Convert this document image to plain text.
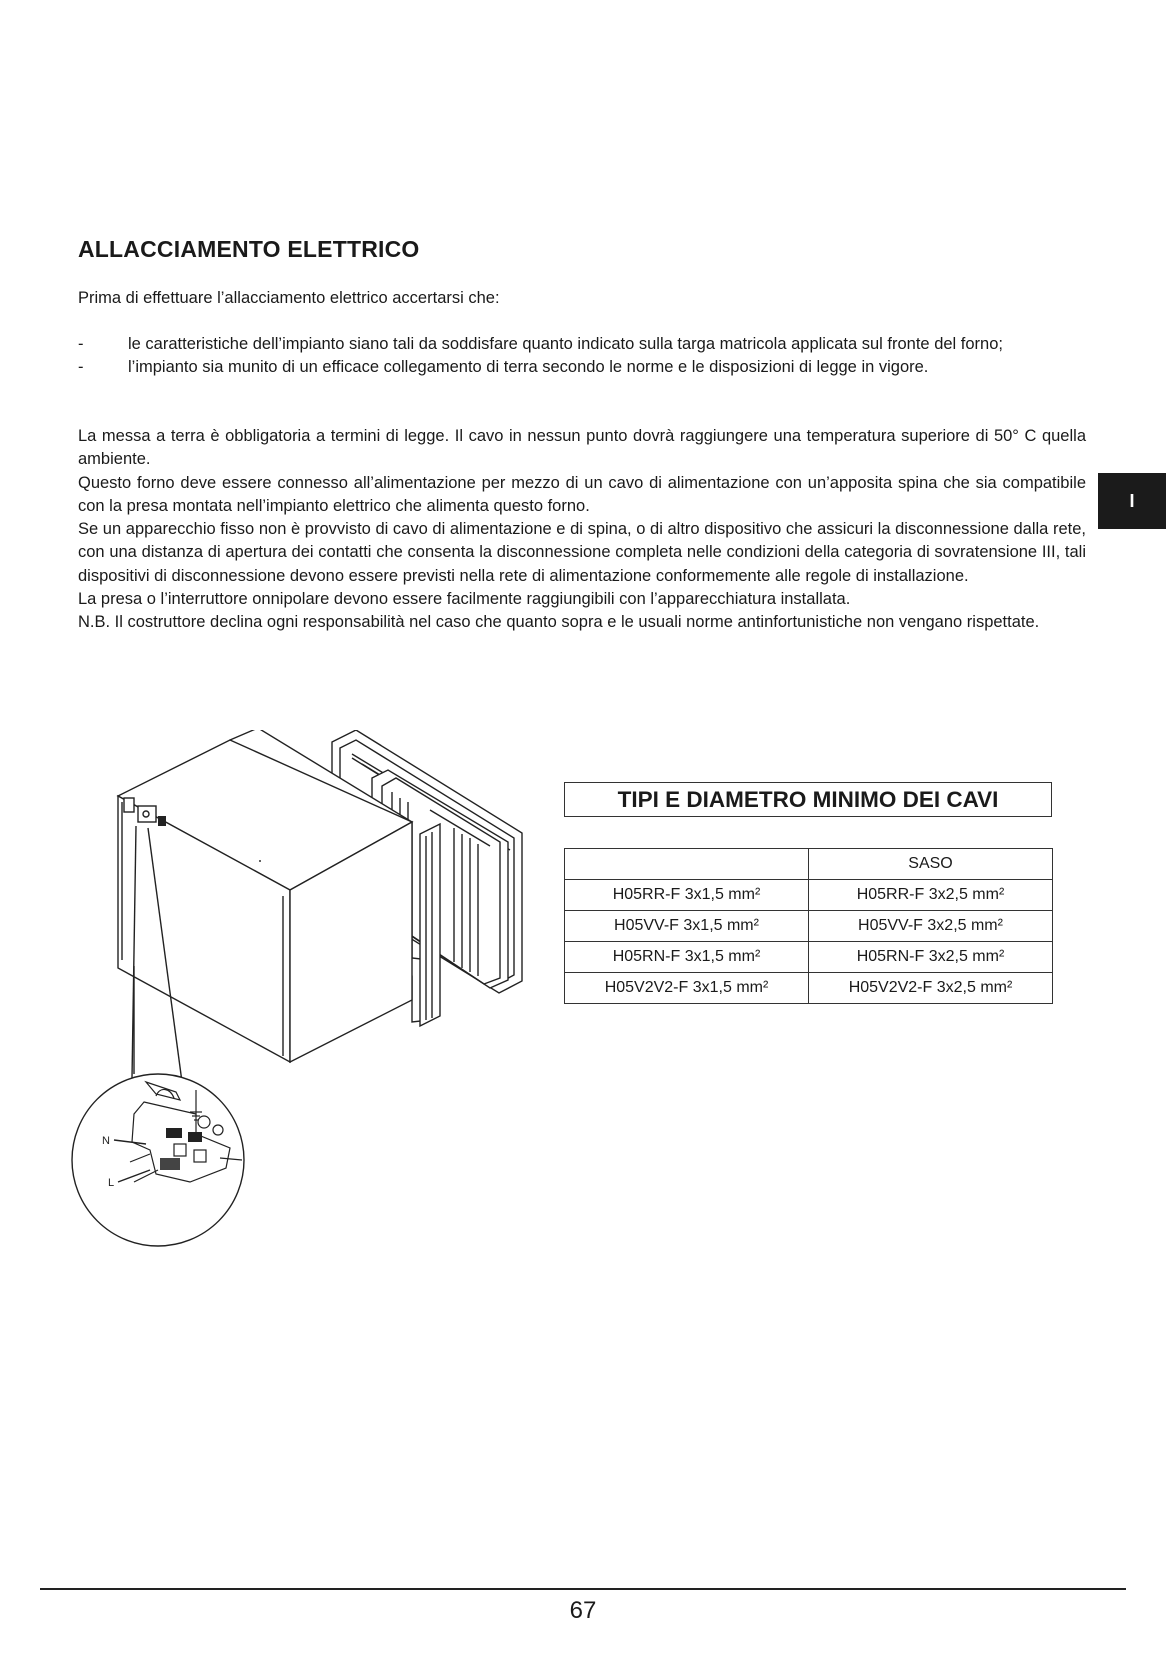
ALLACCIAMENTO ELETTRICO

Prima di effettuare l’allacciamento elettrico accertarsi che:

-	le caratteristiche dell’impianto siano tali da soddisfare quanto indicato sulla targa matricola applicata sul fronte del forno;
-	l’impianto sia munito di un efficace collegamento di terra secondo le norme e le disposizioni di legge in vigore.

La messa a terra è obbligatoria a termini di legge. Il cavo in nessun punto dovrà raggiungere una temperatura superiore di 50° C quella ambiente.

Questo forno deve essere connesso all’alimentazione per mezzo di un cavo di alimentazione con un’apposita spina che sia compatibile con la presa montata nell’impianto elettrico che alimenta questo forno.

Se un apparecchio fisso non è provvisto di cavo di alimentazione e di spina, o di altro dispositivo che assicuri la disconnessione dalla rete, con una distanza di apertura dei contatti che consenta la disconnessione completa nelle condizioni della categoria di sovratensione III, tali dispositivi di disconnessione devono essere previsti nella rete di alimentazione conformemente alle regole di installazione.

La presa o l’interruttore onnipolare devono essere facilmente raggiungibili con l’apparecchiatura installata.

N.B. Il costruttore declina ogni responsabilità nel caso che quanto sopra e le usuali norme antinfortunistiche non vengano rispettate.

I
TIPI E DIAMETRO MINIMO DEI CAVI
	SASO
H05RR-F 3x1,5 mm²	H05RR-F 3x2,5 mm²
H05VV-F 3x1,5 mm²	H05VV-F 3x2,5 mm²
H05RN-F 3x1,5 mm²	H05RN-F 3x2,5 mm²
H05V2V2-F 3x1,5 mm²	H05V2V2-F 3x2,5 mm²
N
L
67
